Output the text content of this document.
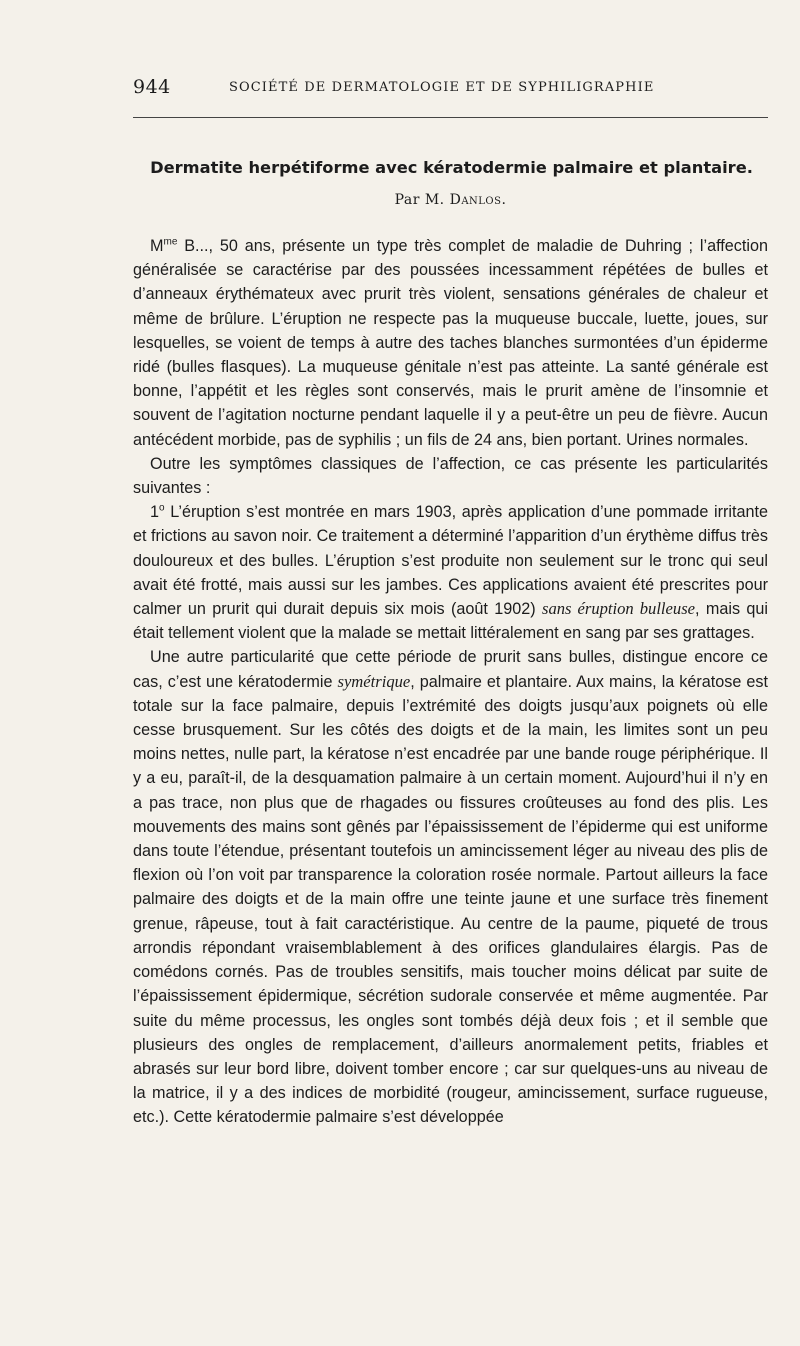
944	SOCIÉTÉ DE DERMATOLOGIE ET DE SYPHILIGRAPHIE
Dermatite herpétiforme avec kératodermie palmaire et plantaire.
Par M. Danlos.

$M^{me}$ B..., 50 ans, présente un type très complet de maladie de Duhring ; l’affection généralisée se caractérise par des poussées incessamment répétées de bulles et d’anneaux érythémateux avec prurit très violent, sensations générales de chaleur et même de brûlure. L’éruption ne respecte pas la muqueuse buccale, luette, joues, sur lesquelles, se voient de temps à autre des taches blanches surmontées d’un épiderme ridé (bulles flasques). La muqueuse génitale n’est pas atteinte. La santé générale est bonne, l’appétit et les règles sont conservés, mais le prurit amène de l’insomnie et souvent de l’agitation nocturne pendant laquelle il y a peut-être un peu de fièvre. Aucun antécédent morbide, pas de syphilis ; un fils de 24 ans, bien portant. Urines normales.

Outre les symptômes classiques de l’affection, ce cas présente les particularités suivantes :

1$^o$ L’éruption s’est montrée en mars 1903, après application d’une pommade irritante et frictions au savon noir. Ce traitement a déterminé l’apparition d’un érythème diffus très douloureux et des bulles. L’éruption s’est produite non seulement sur le tronc qui seul avait été frotté, mais aussi sur les jambes. Ces applications avaient été prescrites pour calmer un prurit qui durait depuis six mois (août 1902) sans éruption bulleuse, mais qui était tellement violent que la malade se mettait littéralement en sang par ses grattages.

Une autre particularité que cette période de prurit sans bulles, distingue encore ce cas, c’est une kératodermie symétrique, palmaire et plantaire. Aux mains, la kératose est totale sur la face palmaire, depuis l’extrémité des doigts jusqu’aux poignets où elle cesse brusquement. Sur les côtés des doigts et de la main, les limites sont un peu moins nettes, nulle part, la kératose n’est encadrée par une bande rouge périphérique. Il y a eu, paraît-il, de la desquamation palmaire à un certain moment. Aujourd’hui il n’y en a pas trace, non plus que de rhagades ou fissures croûteuses au fond des plis. Les mouvements des mains sont gênés par l’épaississement de l’épiderme qui est uniforme dans toute l’étendue, présentant toutefois un amincissement léger au niveau des plis de flexion où l’on voit par transparence la coloration rosée normale. Partout ailleurs la face palmaire des doigts et de la main offre une teinte jaune et une surface très finement grenue, râpeuse, tout à fait caractéristique. Au centre de la paume, piqueté de trous arrondis répondant vraisemblablement à des orifices glandulaires élargis. Pas de comédons cornés. Pas de troubles sensitifs, mais toucher moins délicat par suite de l’épaississement épidermique, sécrétion sudorale conservée et même augmentée. Par suite du même processus, les ongles sont tombés déjà deux fois ; et il semble que plusieurs des ongles de remplacement, d’ailleurs anormalement petits, friables et abrasés sur leur bord libre, doivent tomber encore ; car sur quelques-uns au niveau de la matrice, il y a des indices de morbidité (rougeur, amincissement, surface rugueuse, etc.). Cette kératodermie palmaire s’est développée
